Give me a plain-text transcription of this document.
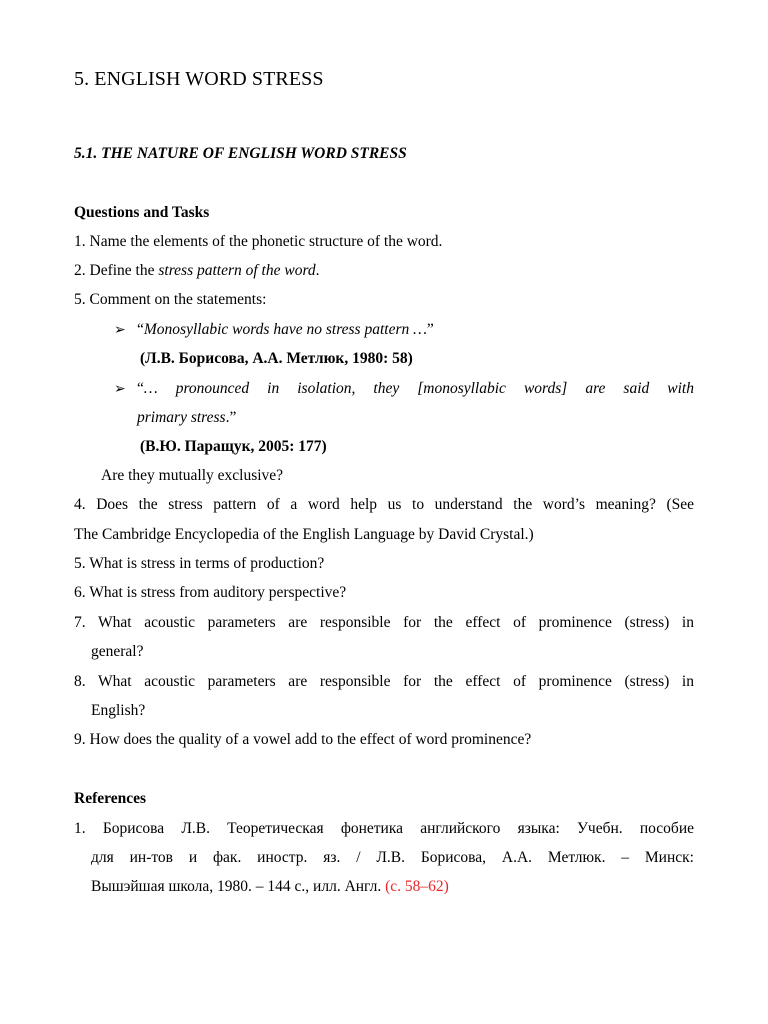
5. ENGLISH WORD STRESS
5.1. THE NATURE OF ENGLISH WORD STRESS
Questions and Tasks
1. Name the elements of the phonetic structure of the word.
2. Define the stress pattern of the word.
5. Comment on the statements:
➢ “Monosyllabic words have no stress pattern …”
(Л.В. Борисова, А.А. Метлюк, 1980: 58)
➢ “… pronounced in isolation, they [monosyllabic words] are said with
primary stress.”
(В.Ю. Паращук, 2005: 177)
Are they mutually exclusive?
4. Does the stress pattern of a word help us to understand the word’s meaning? (See
The Cambridge Encyclopedia of the English Language by David Crystal.)
5. What is stress in terms of production?
6. What is stress from auditory perspective?
7. What acoustic parameters are responsible for the effect of prominence (stress) in
general?
8. What acoustic parameters are responsible for the effect of prominence (stress) in
English?
9. How does the quality of a vowel add to the effect of word prominence?
References
1. Борисова Л.В. Теоретическая фонетика английского языка: Учебн. пособие
для ин-тов и фак. иностр. яз. / Л.В. Борисова, А.А. Метлюк. – Минск:
Вышэйшая школа, 1980. – 144 с., илл. Англ. (с. 58–62)
